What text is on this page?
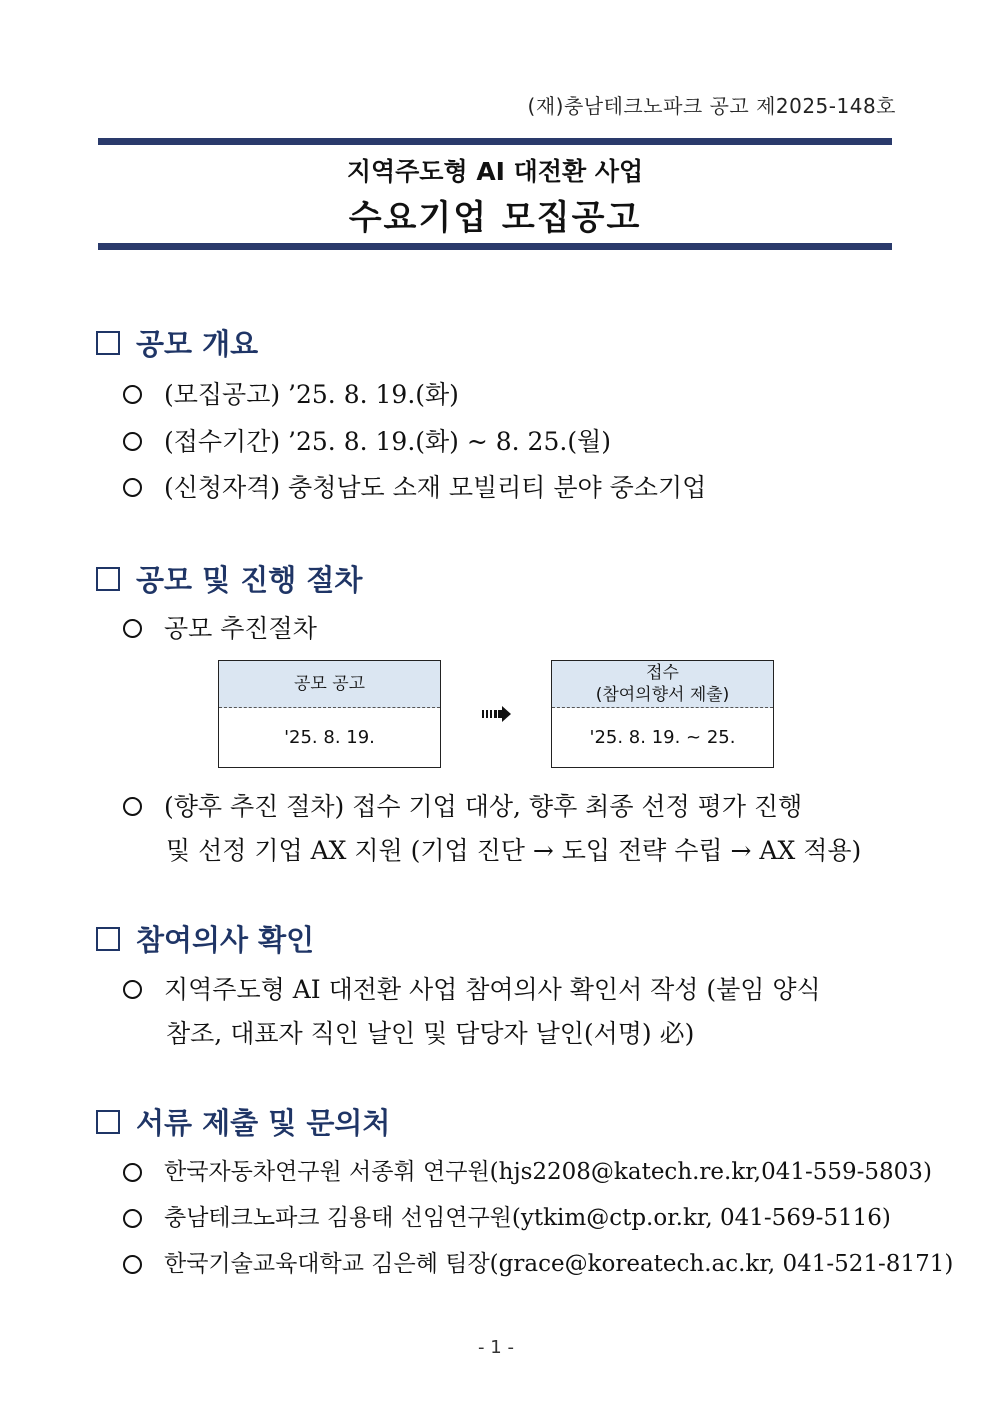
(재)충남테크노파크 공고 제2025-148호
지역주도형 AI 대전환 사업
수요기업 모집공고
공모 개요
(모집공고) ’25. 8. 19.(화)
(접수기간) ’25. 8. 19.(화) ~ 8. 25.(월)
(신청자격) 충청남도 소재 모빌리티 분야 중소기업
공모 및 진행 절차
공모 추진절차
공모 공고
'25. 8. 19.
접수
(참여의향서 제출)
'25. 8. 19. ~ 25.
(향후 추진 절차) 접수 기업 대상, 향후 최종 선정 평가 진행
및 선정 기업 AX 지원 (기업 진단 → 도입 전략 수립 → AX 적용)
참여의사 확인
지역주도형 AI 대전환 사업 참여의사 확인서 작성 (붙임 양식
참조, 대표자 직인 날인 및 담당자 날인(서명) 必)
서류 제출 및 문의처
한국자동차연구원 서종휘 연구원(hjs2208@katech.re.kr,041-559-5803)
충남테크노파크 김용태 선임연구원(ytkim@ctp.or.kr, 041-569-5116)
한국기술교육대학교 김은혜 팀장(grace@koreatech.ac.kr, 041-521-8171)
- 1 -
